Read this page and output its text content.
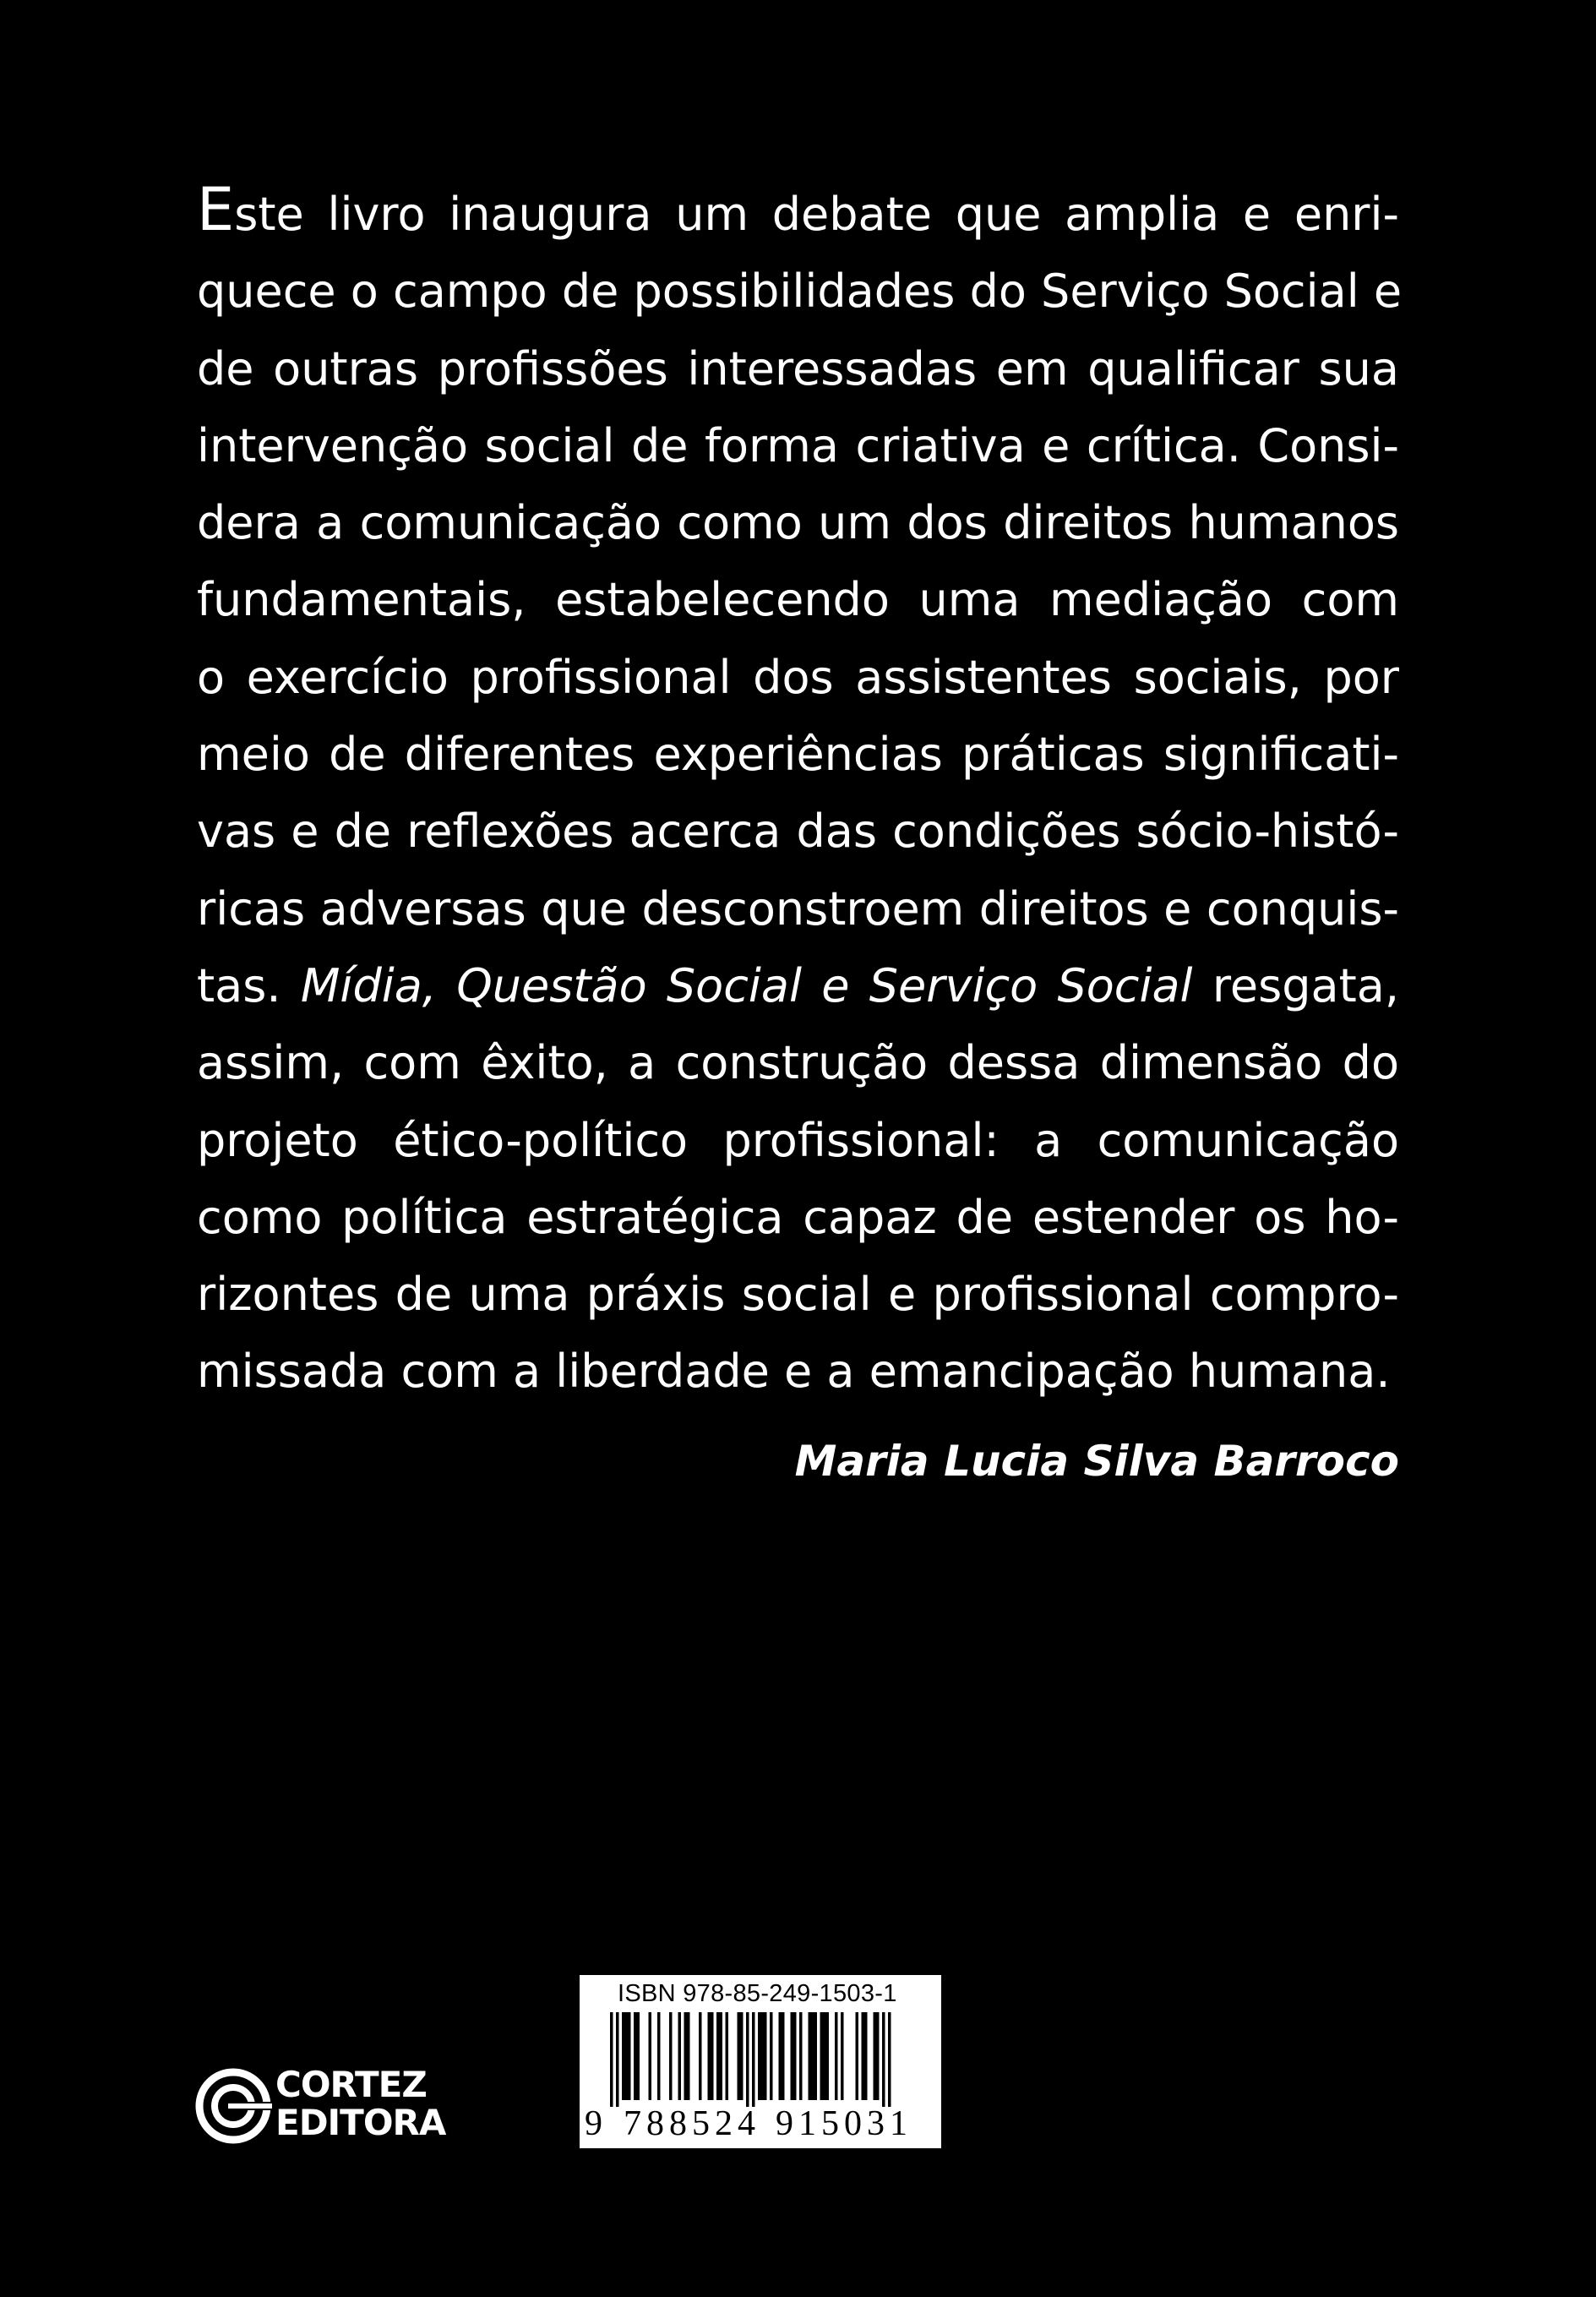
Este livro inaugura um debate que amplia e enri-
quece o campo de possibilidades do Serviço Social e
de outras profissões interessadas em qualificar sua
intervenção social de forma criativa e crítica. Consi-
dera a comunicação como um dos direitos humanos
fundamentais, estabelecendo uma mediação com
o exercício profissional dos assistentes sociais, por
meio de diferentes experiências práticas significati-
vas e de reflexões acerca das condições sócio-histó-
ricas adversas que desconstroem direitos e conquis-
tas. Mídia, Questão Social e Serviço Social resgata,
assim, com êxito, a construção dessa dimensão do
projeto ético-político profissional: a comunicação
como política estratégica capaz de estender os ho-
rizontes de uma práxis social e profissional compro-
missada com a liberdade e a emancipação humana.
Maria Lucia Silva Barroco
CORTEZ
EDITORA
ISBN 978-85-249-1503-1
9 788524 915031
